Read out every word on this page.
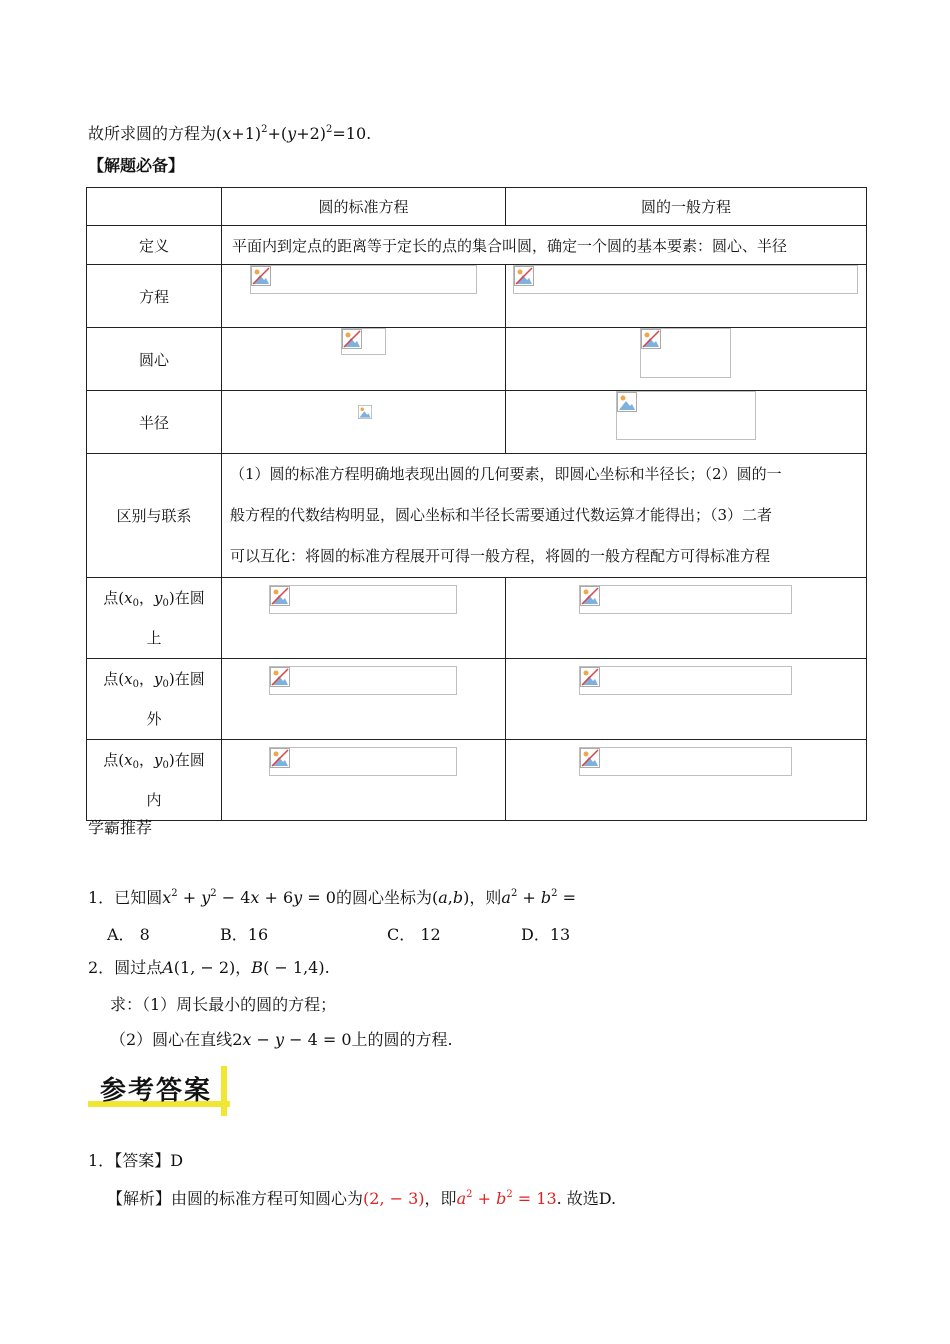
故所求圆的方程为$(x+1)^2+(y+2)^2=10$.
【解题必备】
	圆的标准方程	圆的一般方程
定义	平面内到定点的距离等于定长的点的集合叫圆，确定一个圆的基本要素：圆心、半径	
方程	

圆心	

半径	

区别与联系	（1）圆的标准方程明确地表现出圆的几何要素，即圆心坐标和半径长；（2）圆的一
般方程的代数结构明显，圆心坐标和半径长需要通过代数运算才能得出；（3）二者
可以互化：将圆的标准方程展开可得一般方程，将圆的一般方程配方可得标准方程	

点($x_0$，$y_0$)在圆
上

点($x_0$，$y_0$)在圆
外

点($x_0$，$y_0$)在圆
内

学霸推荐
1．已知圆$x^2 + y^2 - 4x + 6y = 0$的圆心坐标为(a,b)，则$a^2 + b^2$ =
A． 8	B．16	C． 12	D．13
2．圆过点A(1, − 2)，B( − 1,4).
求：（1）周长最小的圆的方程；
（2）圆心在直线2x − y − 4 = 0上的圆的方程.
参考答案
1．【答案】D
【解析】由圆的标准方程可知圆心为(2, − 3)，即$a^2 + b^2 = 13$. 故选D.
